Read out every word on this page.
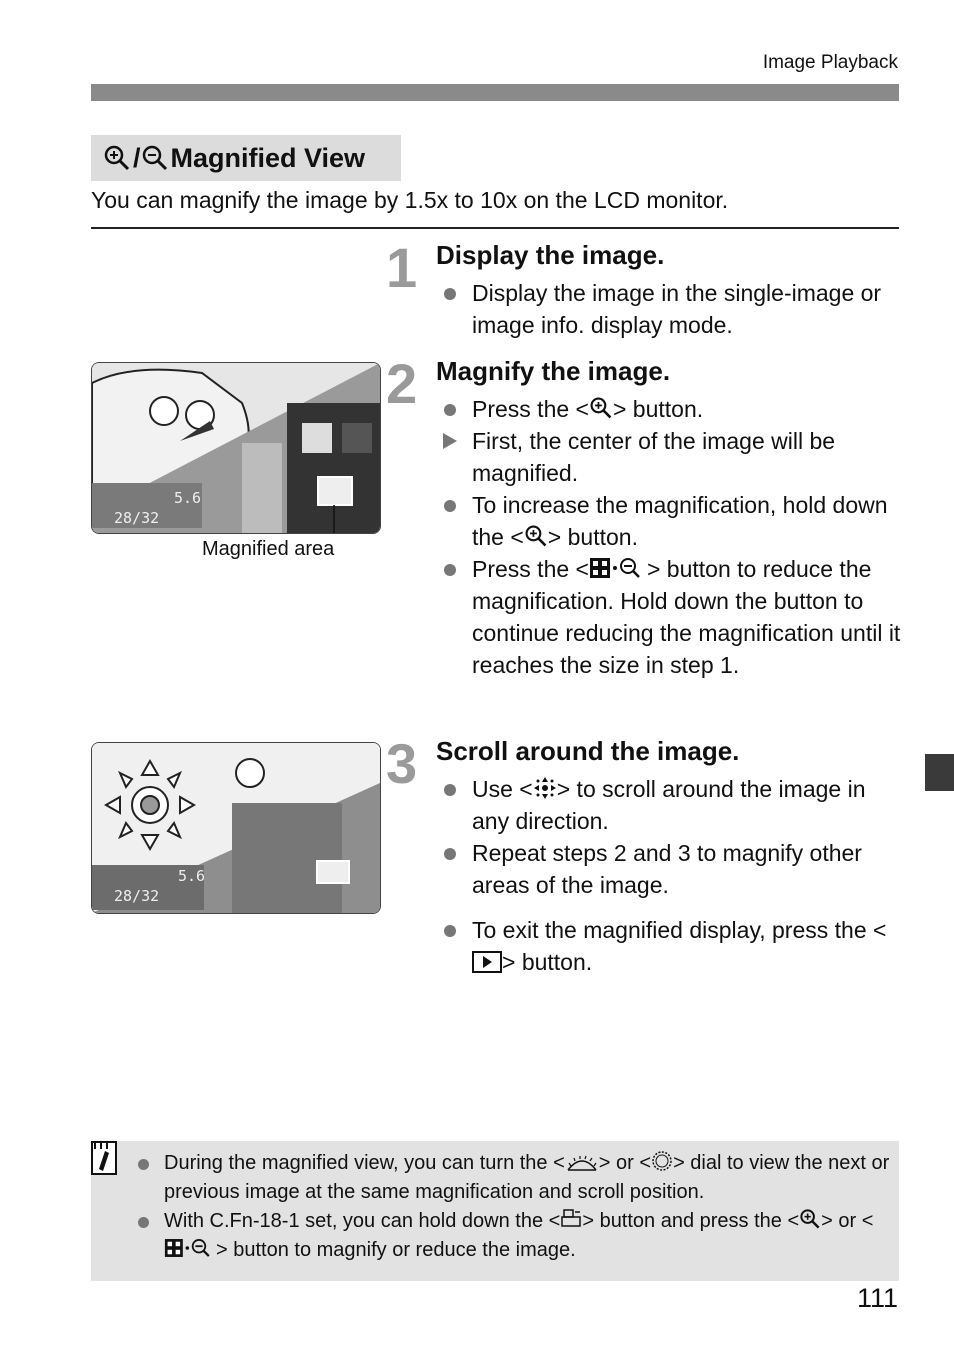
Image Playback
/ Magnified View
You can magnify the image by 1.5x to 10x on the LCD monitor.
1 Display the image.
Display the image in the single-image or image info. display mode.
5.6
28/32
Magnified area
2 Magnify the image.
Press the < > button.
First, the center of the image will be magnified.
To increase the magnification, hold down the < > button.
Press the <	> button to reduce the magnification. Hold down the button to continue reducing the magnification until it reaches the size in step 1.
5.6
28/32
3 Scroll around the image.
Use < > to scroll around the image in any direction.
Repeat steps 2 and 3 to magnify other areas of the image.
To exit the magnified display, press the <> button.
During the magnified view, you can turn the < > or < > dial to view the next or previous image at the same magnification and scroll position.
With C.Fn-18-1 set, you can hold down the < > button and press the < > or <> button to magnify or reduce the image.
111
